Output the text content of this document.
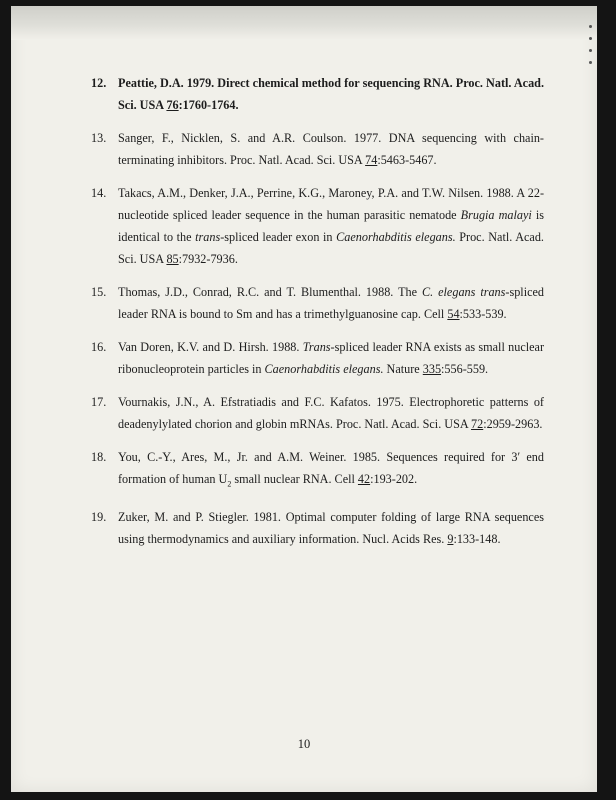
12. Peattie, D.A. 1979. Direct chemical method for sequencing RNA. Proc. Natl. Acad. Sci. USA 76:1760-1764.
13. Sanger, F., Nicklen, S. and A.R. Coulson. 1977. DNA sequencing with chain-terminating inhibitors. Proc. Natl. Acad. Sci. USA 74:5463-5467.
14. Takacs, A.M., Denker, J.A., Perrine, K.G., Maroney, P.A. and T.W. Nilsen. 1988. A 22-nucleotide spliced leader sequence in the human parasitic nematode Brugia malayi is identical to the trans-spliced leader exon in Caenorhabditis elegans. Proc. Natl. Acad. Sci. USA 85:7932-7936.
15. Thomas, J.D., Conrad, R.C. and T. Blumenthal. 1988. The C. elegans trans-spliced leader RNA is bound to Sm and has a trimethylguanosine cap. Cell 54:533-539.
16. Van Doren, K.V. and D. Hirsh. 1988. Trans-spliced leader RNA exists as small nuclear ribonucleoprotein particles in Caenorhabditis elegans. Nature 335:556-559.
17. Vournakis, J.N., A. Efstratiadis and F.C. Kafatos. 1975. Electrophoretic patterns of deadenylylated chorion and globin mRNAs. Proc. Natl. Acad. Sci. USA 72:2959-2963.
18. You, C.-Y., Ares, M., Jr. and A.M. Weiner. 1985. Sequences required for 3′ end formation of human $U_2$ small nuclear RNA. Cell 42:193-202.
19. Zuker, M. and P. Stiegler. 1981. Optimal computer folding of large RNA sequences using thermodynamics and auxiliary information. Nucl. Acids Res. 9:133-148.
10
